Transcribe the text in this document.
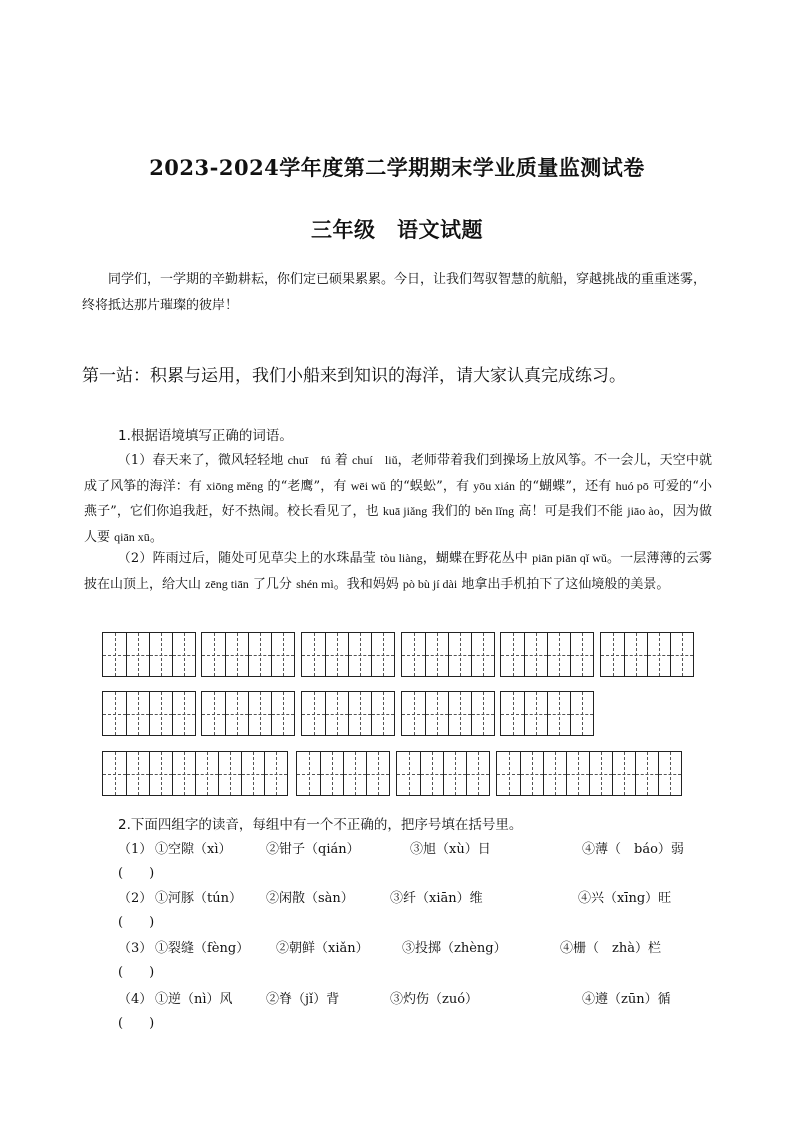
2023-2024学年度第二学期期末学业质量监测试卷
三年级　语文试题
同学们，一学期的辛勤耕耘，你们定已硕果累累。今日，让我们驾驭智慧的航船，穿越挑战的重重迷雾，终将抵达那片璀璨的彼岸！
第一站：积累与运用，我们小船来到知识的海洋，请大家认真完成练习。
1.根据语境填写正确的词语。
（1）春天来了，微风轻轻地 chuī　fú 着 chuí　liǔ，老师带着我们到操场上放风筝。不一会儿，天空中就成了风筝的海洋：有 xiōng měng 的“老鹰”，有 wēi wǔ 的“蜈蚣”，有 yōu xián 的“蝴蝶”，还有 huó pō 可爱的“小燕子”，它们你追我赶，好不热闹。校长看见了，也 kuā jiǎng 我们的 běn lǐng 高！可是我们不能 jiāo ào，因为做人要 qiān xū。
（2）阵雨过后，随处可见草尖上的水珠晶莹 tòu liàng，蝴蝶在野花丛中 piān piān qǐ wǔ。一层薄薄的云雾披在山顶上，给大山 zēng tiān 了几分 shén mì。我和妈妈 pò bù jí dài 地拿出手机拍下了这仙境般的美景。
2.下面四组字的读音，每组中有一个不正确的，把序号填在括号里。
（1） ①空隙（xì）	②钳子（qián）	③旭（xù）日	④薄（　báo）弱
(　　)
（2） ①河豚（tún） ②闲散（sàn）	③纤（xiān）维	④兴（xīng）旺
(　　)
（3） ①裂缝（fèng） ②朝鲜（xiǎn）	③投掷（zhèng）	④栅（　zhà）栏
(　　)
（4） ①逆（nì）风	②脊（jǐ）背	③灼伤（zuó）	④遵（zūn）循
(　　)
